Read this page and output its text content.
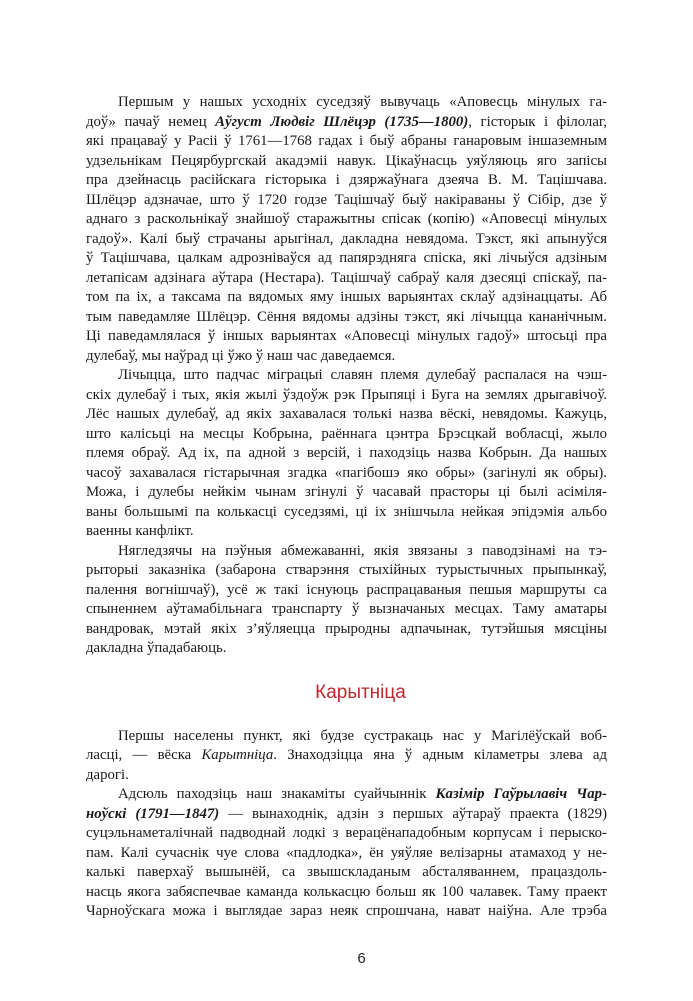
Першым у нашых усходніх суседзяў вывучаць «Аповесць мінулых га-
доў» пачаў немец Аўгуст Людвіг Шлёцэр (1735—1800), гісторык і філолаг,
які працаваў у Расіі ў 1761—1768 гадах і быў абраны ганаровым іншаземным
удзельнікам Пецярбургскай акадэміі навук. Цікаўнасць уяўляюць яго запісы
пра дзейнасць расійскага гісторыка і дзяржаўнага дзеяча В. М. Тацішчава.
Шлёцэр адзначае, што ў 1720 годзе Тацішчаў быў накіраваны ў Сібір, дзе ў
аднаго з раскольнікаў знайшоў старажытны спісак (копію) «Аповесці мінулых
гадоў». Калі быў страчаны арыгінал, дакладна невядома. Тэкст, які апынуўся
ў Тацішчава, цалкам адрозніваўся ад папярэдняга спіска, які лічыўся адзіным
летапісам адзінага аўтара (Нестара). Тацішчаў сабраў каля дзесяці спіскаў, па-
том па іх, а таксама па вядомых яму іншых варыянтах склаў адзінаццаты. Аб
тым паведамляе Шлёцэр. Сёння вядомы адзіны тэкст, які лічыцца кананічным.
Ці паведамлялася ў іншых варыянтах «Аповесці мінулых гадоў» штосьці пра
дулебаў, мы наўрад ці ўжо ў наш час даведаемся.
Лічыцца, што падчас міграцыі славян племя дулебаў распалася на чэш-
скіх дулебаў і тых, якія жылі ўздоўж рэк Прыпяці і Буга на землях дрыгавічоў.
Лёс нашых дулебаў, ад якіх захавалася толькі назва вёскі, невядомы. Кажуць,
што калісьці на месцы Кобрына, раённага цэнтра Брэсцкай вобласці, жыло
племя обраў. Ад іх, па адной з версій, і паходзіць назва Кобрын. Да нашых
часоў захавалася гістарычная згадка «пагібошэ яко обры» (загінулі як обры).
Можа, і дулебы нейкім чынам згінулі ў часавай прасторы ці былі асіміля-
ваны большымі па колькасці суседзямі, ці іх знішчыла нейкая эпідэмія альбо
ваенны канфлікт.
Нягледзячы на пэўныя абмежаванні, якія звязаны з паводзінамі на тэ-
рыторыі заказніка (забарона стварэння стыхійных турыстычных прыпынкаў,
палення вогнішчаў), усё ж такі існуюць распрацаваныя пешыя маршруты са
спыненнем аўтамабільнага транспарту ў вызначаных месцах. Таму аматары
вандровак, мэтай якіх з’яўляецца прыродны адпачынак, тутэйшыя мясціны
дакладна ўпадабаюць.
Карытніца
Першы населены пункт, які будзе сустракаць нас у Магілёўскай воб-
ласці, — вёска Карытніца. Знаходзіцца яна ў адным кіламетры злева ад
дарогі.
Адсюль паходзіць наш знакаміты суайчыннік Казімір Гаўрылавіч Чар-
ноўскі (1791—1847) — вынаходнік, адзін з першых аўтараў праекта (1829)
суцэльнаметалічнай падводнай лодкі з верацёнападобным корпусам і перыско-
пам. Калі сучаснік чуе слова «падлодка», ён уяўляе велізарны атамаход у не-
калькі паверхаў вышынёй, са звышскладаным абсталяваннем, працаздоль-
насць якога забяспечвае каманда колькасцю больш як 100 чалавек. Таму праект
Чарноўскага можа і выглядае зараз неяк спрошчана, нават наіўна. Але трэба
6
